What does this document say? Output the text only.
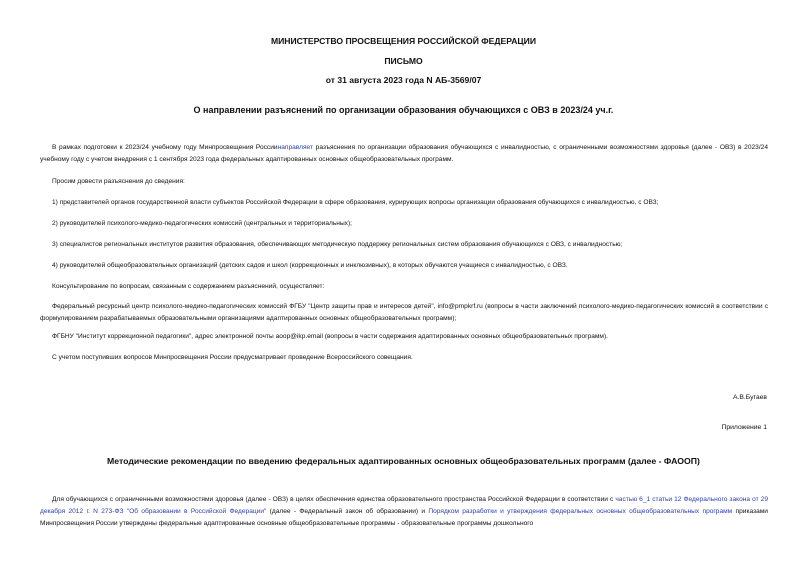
МИНИСТЕРСТВО ПРОСВЕЩЕНИЯ РОССИЙСКОЙ ФЕДЕРАЦИИ
ПИСЬМО
от 31 августа 2023 года N АБ-3569/07
О направлении разъяснений по организации образования обучающихся с ОВЗ в 2023/24 уч.г.
В рамках подготовки к 2023/24 учебному году Минпросвещения Россиинаправляет разъяснения по организации образования обучающихся с инвалидностью, с ограниченными возможностями здоровья (далее - ОВЗ) в 2023/24 учебному году с учетом внедрения с 1 сентября 2023 года федеральных адаптированных основных общеобразовательных программ.
Просим довести разъяснения до сведения:
1) представителей органов государственной власти субъектов Российской Федерации в сфере образования, курирующих вопросы организации образования обучающихся с инвалидностью, с ОВЗ;
2) руководителей психолого-медико-педагогических комиссий (центральных и территориальных);
3) специалистов региональных институтов развития образования, обеспечивающих методическую поддержку региональных систем образования обучающихся с ОВЗ, с инвалидностью;
4) руководителей общеобразовательных организаций (детских садов и школ (коррекционных и инклюзивных), в которых обучаются учащиеся с инвалидностью, с ОВЗ.
Консультирование по вопросам, связанным с содержанием разъяснений, осуществляет:
Федеральный ресурсный центр психолого-медико-педагогических комиссий ФГБУ "Центр защиты прав и интересов детей", info@pmpkrf.ru (вопросы в части заключений психолого-медико-педагогических комиссий в соответствии с формулированием разрабатываемых образовательными организациями адаптированных основных общеобразовательных программ);
ФГБНУ "Институт коррекционной педагогики", адрес электронной почты aoop@ikp.email (вопросы в части содержания адаптированных основных общеобразовательных программ).
С учетом поступивших вопросов Минпросвещения России предусматривает проведение Всероссийского совещания.
А.В.Бугаев
Приложение 1
Методические рекомендации по введению федеральных адаптированных основных общеобразовательных программ (далее - ФАООП)
Для обучающихся с ограниченными возможностями здоровья (далее - ОВЗ) в целях обеспечения единства образовательного пространства Российской Федерации в соответствии с частью 6_1 статьи 12 Федерального закона от 29 декабря 2012 г. N 273-ФЗ "Об образовании в Российской Федерации" (далее - Федеральный закон об образовании) и Порядком разработки и утверждения федеральных основных общеобразовательных программ приказами Минпросвещения России утверждены федеральные адаптированные основные общеобразовательные программы - образовательные программы дошкольного
